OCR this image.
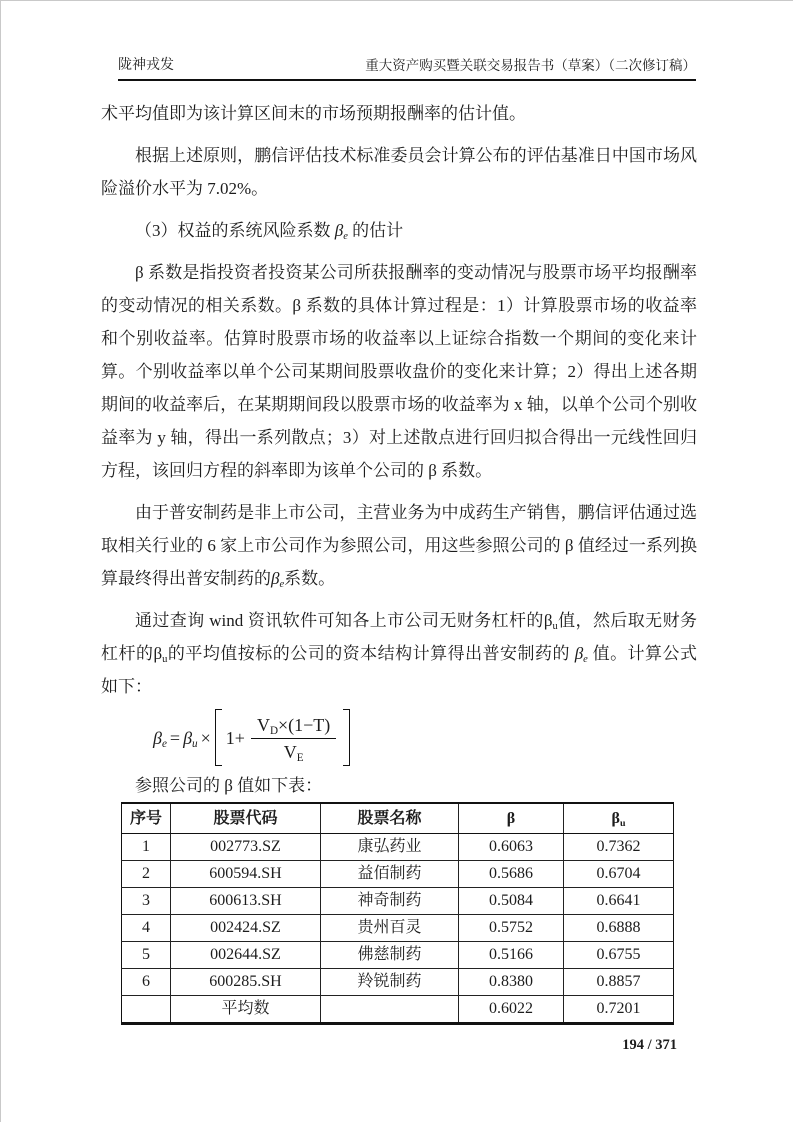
陇神戎发	重大资产购买暨关联交易报告书（草案）（二次修订稿）

术平均值即为该计算区间末的市场预期报酬率的估计值。

根据上述原则，鹏信评估技术标准委员会计算公布的评估基准日中国市场风险溢价水平为 7.02%。

（3）权益的系统风险系数 $\beta_e$ 的估计

β 系数是指投资者投资某公司所获报酬率的变动情况与股票市场平均报酬率的变动情况的相关系数。β 系数的具体计算过程是：1）计算股票市场的收益率和个别收益率。估算时股票市场的收益率以上证综合指数一个期间的变化来计算。个别收益率以单个公司某期间股票收盘价的变化来计算；2）得出上述各期期间的收益率后，在某期期间段以股票市场的收益率为 x 轴，以单个公司个别收益率为 y 轴，得出一系列散点；3）对上述散点进行回归拟合得出一元线性回归方程，该回归方程的斜率即为该单个公司的 β 系数。

由于普安制药是非上市公司，主营业务为中成药生产销售，鹏信评估通过选取相关行业的 6 家上市公司作为参照公司，用这些参照公司的 β 值经过一系列换算最终得出普安制药的$\beta_e$系数。

通过查询 wind 资讯软件可知各上市公司无财务杠杆的$\beta_u$值，然后取无财务杠杆的$\beta_u$的平均值按标的公司的资本结构计算得出普安制药的 $\beta_e$ 值。计算公式如下：

$\beta_e = \beta_u \times 1+ \frac{V_D\times(1-T)}{V_E}$

参照公司的 β 值如下表：

序号	股票代码	股票名称	β	$\beta_u$
1	002773.SZ	康弘药业	0.6063	0.7362
2	600594.SH	益佰制药	0.5686	0.6704
3	600613.SH	神奇制药	0.5084	0.6641
4	002424.SZ	贵州百灵	0.5752	0.6888
5	002644.SZ	佛慈制药	0.5166	0.6755
6	600285.SH	羚锐制药	0.8380	0.8857
	平均数		0.6022	0.7201
194 / 371
